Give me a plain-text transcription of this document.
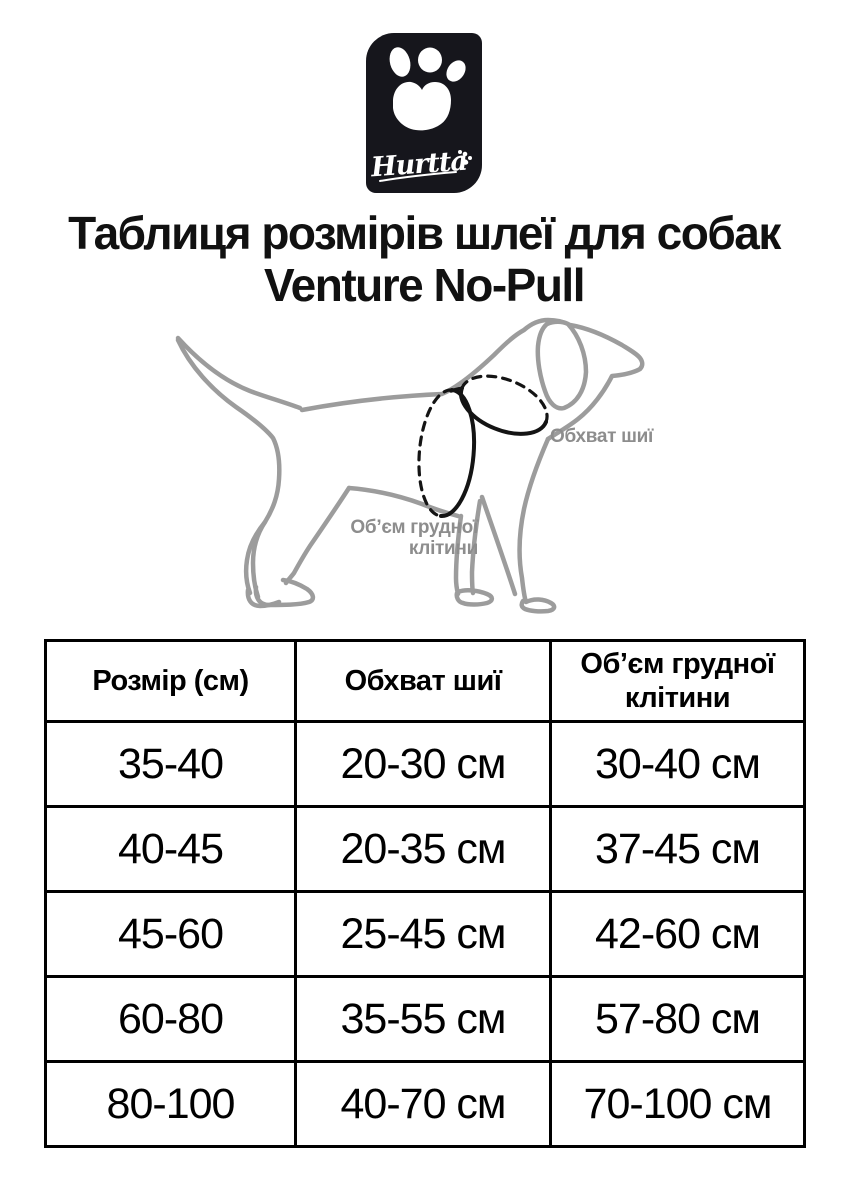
Hurtta
Таблиця розмірів шлеї для собак
Venture No-Pull
Обхват шиї
Об’єм грудної
клітини
Розмір (см)	Обхват шиї	Об’єм грудної клітини
35-40	20-30 см	30-40 см
40-45	20-35 см	37-45 см
45-60	25-45 см	42-60 см
60-80	35-55 см	57-80 см
80-100	40-70 см	70-100 см
